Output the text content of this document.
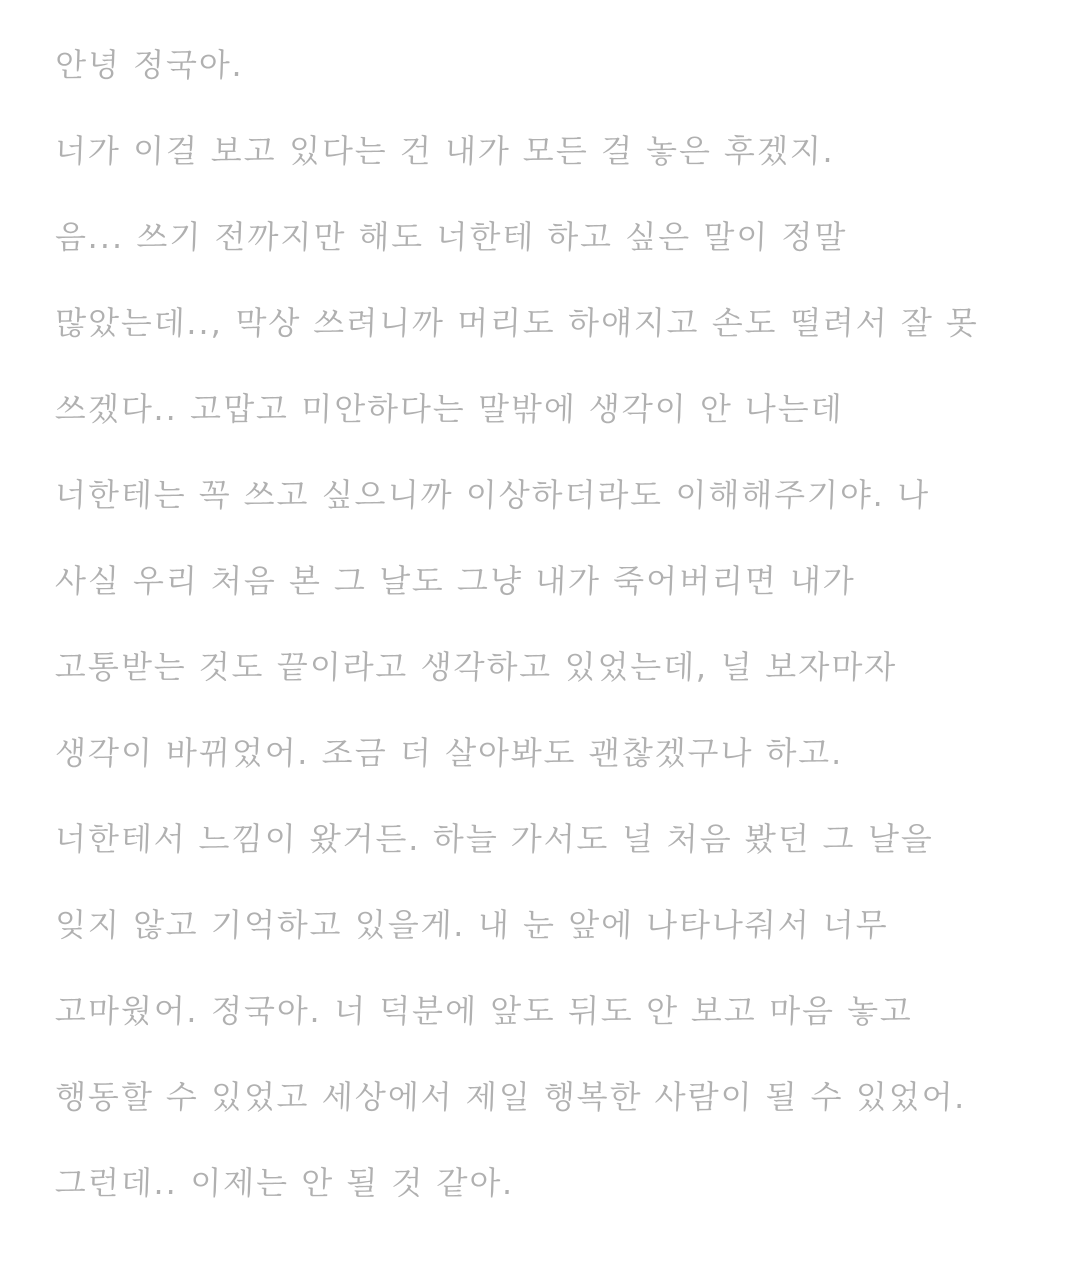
안녕 정국아.
너가 이걸 보고 있다는 건 내가 모든 걸 놓은 후겠지.
음... 쓰기 전까지만 해도 너한테 하고 싶은 말이 정말
많았는데.., 막상 쓰려니까 머리도 하얘지고 손도 떨려서 잘 못
쓰겠다.. 고맙고 미안하다는 말밖에 생각이 안 나는데
너한테는 꼭 쓰고 싶으니까 이상하더라도 이해해주기야. 나
사실 우리 처음 본 그 날도 그냥 내가 죽어버리면 내가
고통받는 것도 끝이라고 생각하고 있었는데, 널 보자마자
생각이 바뀌었어. 조금 더 살아봐도 괜찮겠구나 하고.
너한테서 느낌이 왔거든. 하늘 가서도 널 처음 봤던 그 날을
잊지 않고 기억하고 있을게. 내 눈 앞에 나타나줘서 너무
고마웠어. 정국아. 너 덕분에 앞도 뒤도 안 보고 마음 놓고
행동할 수 있었고 세상에서 제일 행복한 사람이 될 수 있었어.
그런데.. 이제는 안 될 것 같아.
